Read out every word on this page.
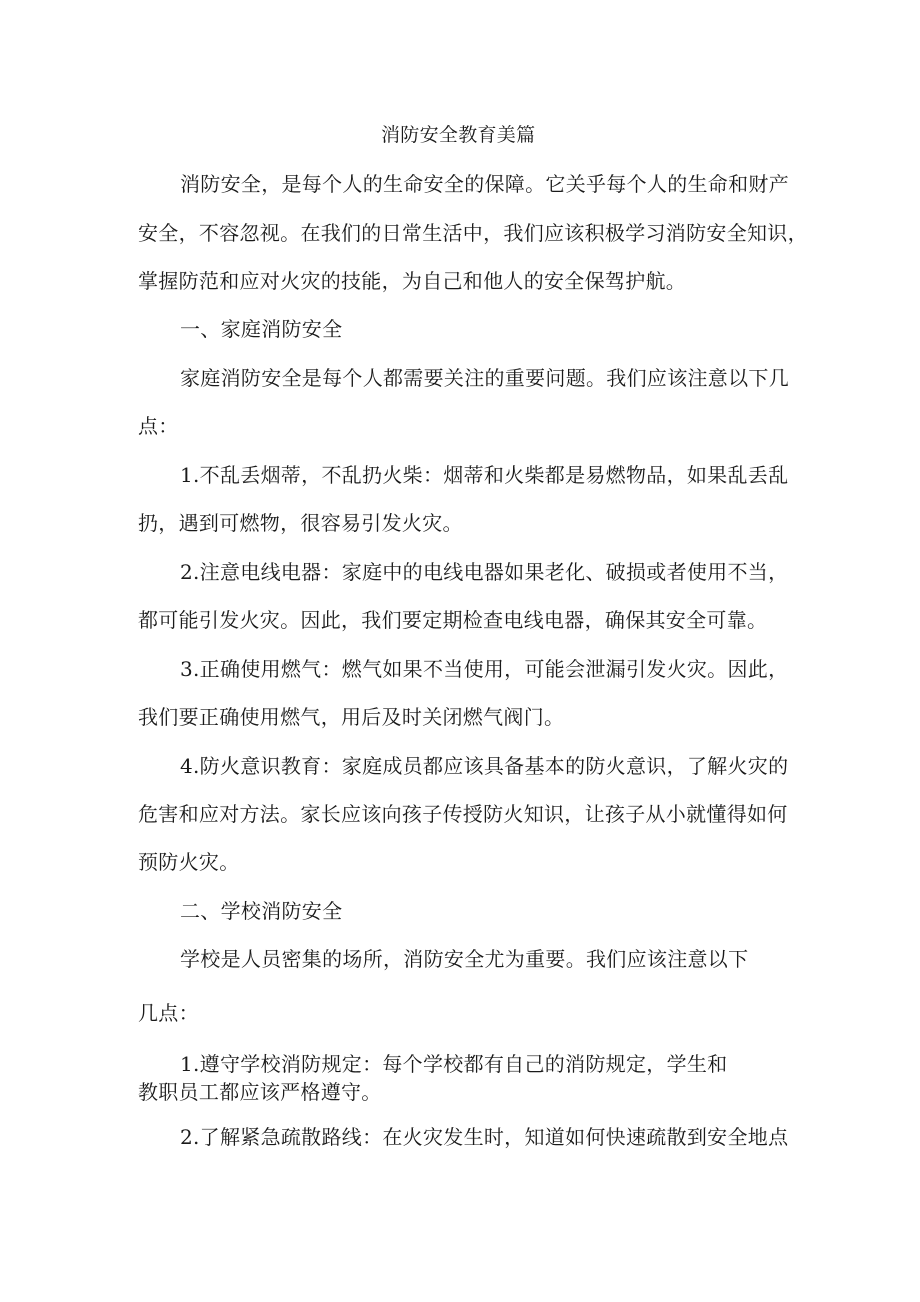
消防安全教育美篇
消防安全，是每个人的生命安全的保障。它关乎每个人的生命和财产
安全，不容忽视。在我们的日常生活中，我们应该积极学习消防安全知识，
掌握防范和应对火灾的技能，为自己和他人的安全保驾护航。
一、家庭消防安全
家庭消防安全是每个人都需要关注的重要问题。我们应该注意以下几
点：
1.不乱丢烟蒂，不乱扔火柴：烟蒂和火柴都是易燃物品，如果乱丢乱
扔，遇到可燃物，很容易引发火灾。
2.注意电线电器：家庭中的电线电器如果老化、破损或者使用不当，
都可能引发火灾。因此，我们要定期检查电线电器，确保其安全可靠。
3.正确使用燃气：燃气如果不当使用，可能会泄漏引发火灾。因此，
我们要正确使用燃气，用后及时关闭燃气阀门。
4.防火意识教育：家庭成员都应该具备基本的防火意识，了解火灾的
危害和应对方法。家长应该向孩子传授防火知识，让孩子从小就懂得如何
预防火灾。
二、学校消防安全
学校是人员密集的场所，消防安全尤为重要。我们应该注意以下
几点：
1.遵守学校消防规定：每个学校都有自己的消防规定，学生和
教职员工都应该严格遵守。
2.了解紧急疏散路线：在火灾发生时，知道如何快速疏散到安全地点
